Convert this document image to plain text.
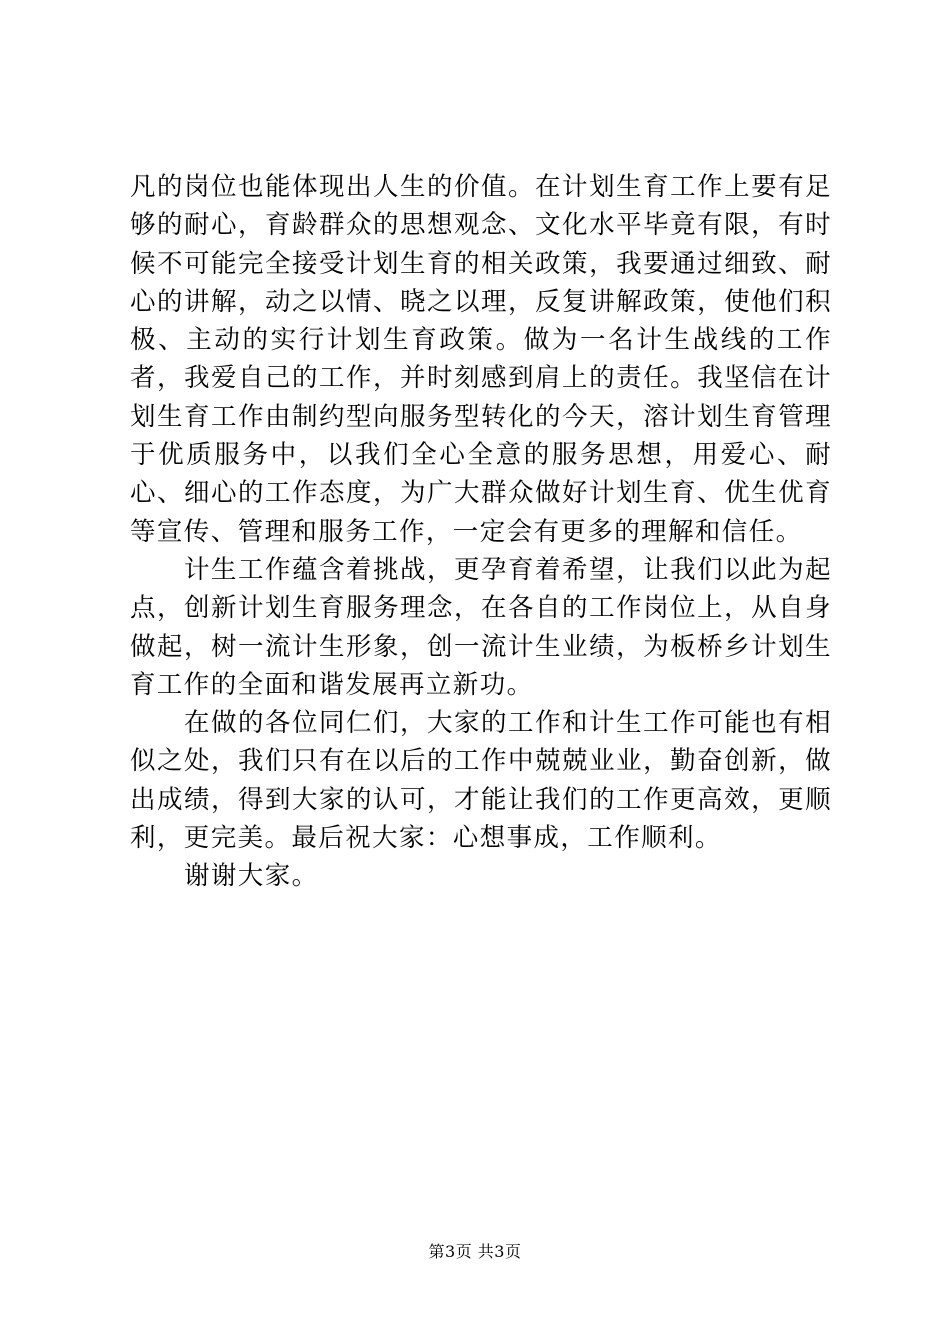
凡的岗位也能体现出人生的价值。在计划生育工作上要有足够的耐心，育龄群众的思想观念、文化水平毕竟有限，有时候不可能完全接受计划生育的相关政策，我要通过细致、耐心的讲解，动之以情、晓之以理，反复讲解政策，使他们积极、主动的实行计划生育政策。做为一名计生战线的工作者，我爱自己的工作，并时刻感到肩上的责任。我坚信在计划生育工作由制约型向服务型转化的今天，溶计划生育管理于优质服务中，以我们全心全意的服务思想，用爱心、耐心、细心的工作态度，为广大群众做好计划生育、优生优育等宣传、管理和服务工作，一定会有更多的理解和信任。

计生工作蕴含着挑战，更孕育着希望，让我们以此为起点，创新计划生育服务理念，在各自的工作岗位上，从自身做起，树一流计生形象，创一流计生业绩，为板桥乡计划生育工作的全面和谐发展再立新功。

在做的各位同仁们，大家的工作和计生工作可能也有相似之处，我们只有在以后的工作中兢兢业业，勤奋创新，做出成绩，得到大家的认可，才能让我们的工作更高效，更顺利，更完美。最后祝大家：心想事成，工作顺利。

谢谢大家。

第3页 共3页
